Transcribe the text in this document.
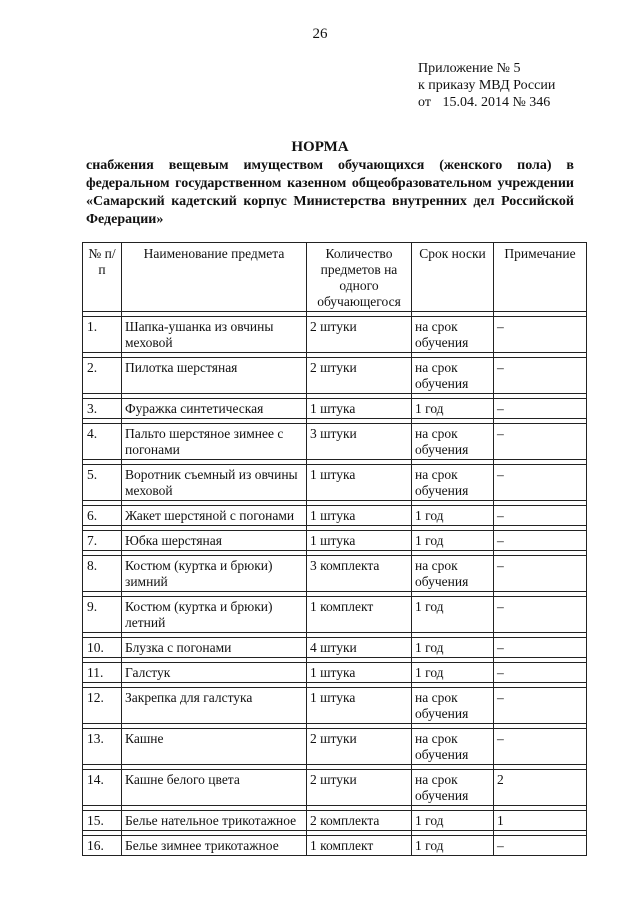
26
Приложение № 5
к приказу МВД России
от 15.04. 2014 № 346
НОРМА
снабжения вещевым имуществом обучающихся (женского пола) в федеральном государственном казенном общеобразовательном учреждении «Самарский кадетский корпус Министерства внутренних дел Российской Федерации»
№ п/п	Наименование предмета	Количество предметов на одного обучающегося	Срок носки	Примечание

1.	Шапка-ушанка из овчины меховой	2 штуки	на срок обучения	–

2.	Пилотка шерстяная	2 штуки	на срок обучения	–

3.	Фуражка синтетическая	1 штука	1 год	–

4.	Пальто шерстяное зимнее с погонами	3 штуки	на срок обучения	–

5.	Воротник съемный из овчины меховой	1 штука	на срок обучения	–

6.	Жакет шерстяной с погонами	1 штука	1 год	–

7.	Юбка шерстяная	1 штука	1 год	–

8.	Костюм (куртка и брюки) зимний	3 комплекта	на срок обучения	–

9.	Костюм (куртка и брюки) летний	1 комплект	1 год	–

10.	Блузка с погонами	4 штуки	1 год	–

11.	Галстук	1 штука	1 год	–

12.	Закрепка для галстука	1 штука	на срок обучения	–

13.	Кашне	2 штуки	на срок обучения	–

14.	Кашне белого цвета	2 штуки	на срок обучения	2

15.	Белье нательное трикотажное	2 комплекта	1 год	1

16.	Белье зимнее трикотажное	1 комплект	1 год	–
